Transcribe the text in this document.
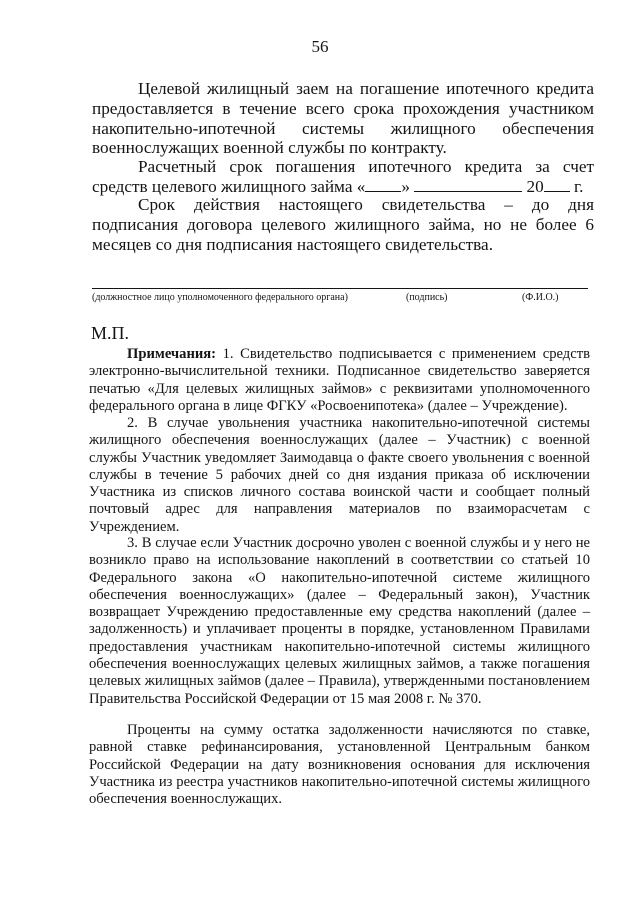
56

Целевой жилищный заем на погашение ипотечного кредита предоставляется в течение всего срока прохождения участником накопительно-ипотечной системы жилищного обеспечения военнослужащих военной службы по контракту.

Расчетный срок погашения ипотечного кредита за счет средств целевого жилищного займа « »	20 г.

Срок действия настоящего свидетельства – до дня подписания договора целевого жилищного займа, но не более 6 месяцев со дня подписания настоящего свидетельства.

(должностное лицо уполномоченного федерального органа)	(подпись)	(Ф.И.О.)
М.П.

Примечания: 1. Свидетельство подписывается с применением средств электронно-вычислительной техники. Подписанное свидетельство заверяется печатью «Для целевых жилищных займов» с реквизитами уполномоченного федерального органа в лице ФГКУ «Росвоенипотека» (далее – Учреждение).

2. В случае увольнения участника накопительно-ипотечной системы жилищного обеспечения военнослужащих (далее – Участник) с военной службы Участник уведомляет Заимодавца о факте своего увольнения с военной службы в течение 5 рабочих дней со дня издания приказа об исключении Участника из списков личного состава воинской части и сообщает полный почтовый адрес для направления материалов по взаиморасчетам с Учреждением.

3. В случае если Участник досрочно уволен с военной службы и у него не возникло право на использование накоплений в соответствии со статьей 10 Федерального закона «О накопительно-ипотечной системе жилищного обеспечения военнослужащих» (далее – Федеральный закон), Участник возвращает Учреждению предоставленные ему средства накоплений (далее – задолженность) и уплачивает проценты в порядке, установленном Правилами предоставления участникам накопительно-ипотечной системы жилищного обеспечения военнослужащих целевых жилищных займов, а также погашения целевых жилищных займов (далее – Правила), утвержденными постановлением Правительства Российской Федерации от 15 мая 2008 г. № 370.

Проценты на сумму остатка задолженности начисляются по ставке, равной ставке рефинансирования, установленной Центральным банком Российской Федерации на дату возникновения основания для исключения Участника из реестра участников накопительно-ипотечной системы жилищного обеспечения военнослужащих.
